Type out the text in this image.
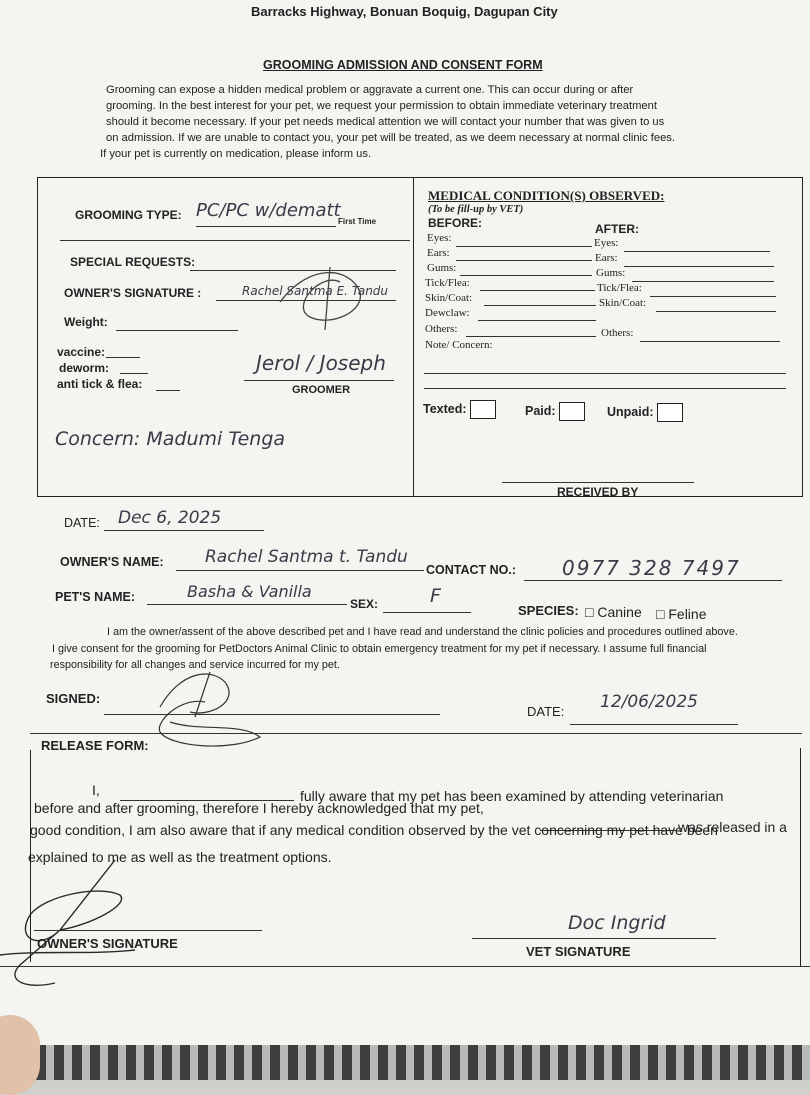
Barracks Highway, Bonuan Boquig, Dagupan City
GROOMING ADMISSION AND CONSENT FORM
Grooming can expose a hidden medical problem or aggravate a current one. This can occur during or after
grooming. In the best interest for your pet, we request your permission to obtain immediate veterinary treatment
should it become necessary. If your pet needs medical attention we will contact your number that was given to us
on admission. If we are unable to contact you, your pet will be treated, as we deem necessary at normal clinic fees.
If your pet is currently on medication, please inform us.
GROOMING TYPE: PC/PC w/dematt
First Time
SPECIAL REQUESTS:
OWNER'S SIGNATURE :	Rachel Santma E. Tandu
Weight:
vaccine:
deworm:
anti tick & flea:
Jerol / Joseph
GROOMER
Concern: Madumi Tenga
MEDICAL CONDITION(S) OBSERVED:
(To be fill-up by VET)
BEFORE:	AFTER:
Eyes:
Ears:
Gums:
Tick/Flea:
Skin/Coat:
Dewclaw:
Others:
Eyes:
Ears:
Gums:
Tick/Flea:
Skin/Coat:
Others:
Note/ Concern:
Texted:	Paid:	Unpaid:
RECEIVED BY
DATE: Dec 6, 2025
OWNER'S NAME: Rachel Santma t. Tandu
CONTACT NO.: 0977 328 7497
PET'S NAME:	Basha & Vanilla
SEX:	F
SPECIES: □ Canine □ Feline
I am the owner/assent of the above described pet and I have read and understand the clinic policies and procedures outlined above.
I give consent for the grooming for PetDoctors Animal Clinic to obtain emergency treatment for my pet if necessary. I assume full financial
responsibility for all changes and service incurred for my pet.
SIGNED:
DATE: 12/06/2025
RELEASE FORM:
I,	fully aware that my pet has been examined by attending veterinarian
before and after grooming, therefore I hereby acknowledged that my pet,
was released in a
good condition, I am also aware that if any medical condition observed by the vet concerning my pet have been
explained to me as well as the treatment options.
OWNER'S SIGNATURE
Doc Ingrid
VET SIGNATURE
